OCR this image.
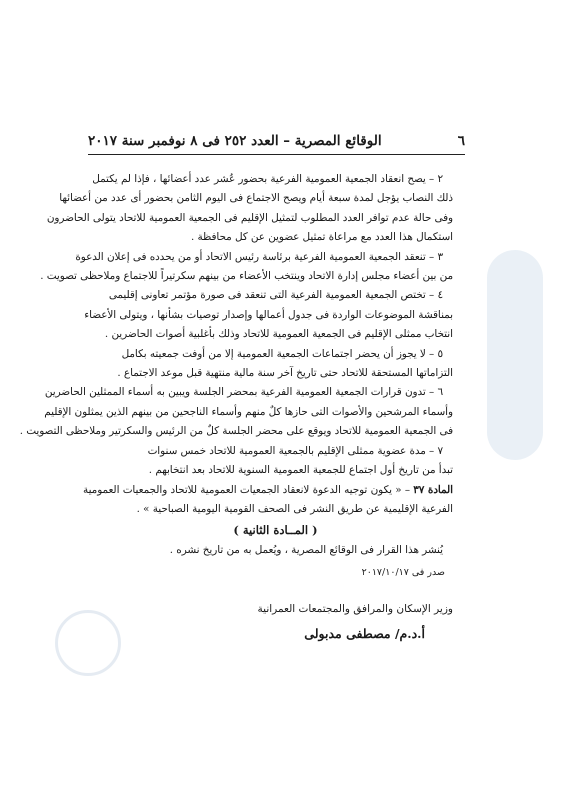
٦
الوقائع المصرية – العدد ٢٥٢ فى ٨ نوفمبر سنة ٢٠١٧
٢ – يصح انعقاد الجمعية العمومية الفرعية بحضور عُشر عدد أعضائها ، فإذا لم يكتمل
ذلك النصاب يؤجل لمدة سبعة أيام ويصح الاجتماع فى اليوم الثامن بحضور أى عدد من أعضائها
وفى حالة عدم توافر العدد المطلوب لتمثيل الإقليم فى الجمعية العمومية للاتحاد يتولى الحاضرون
استكمال هذا العدد مع مراعاة تمثيل عضوين عن كل محافظة .
٣ – تنعقد الجمعية العمومية الفرعية برئاسة رئيس الاتحاد أو من يحدده فى إعلان الدعوة
من بين أعضاء مجلس إدارة الاتحاد وينتخب الأعضاء من بينهم سكرتيراً للاجتماع وملاحظى تصويت .
٤ – تختص الجمعية العمومية الفرعية التى تنعقد فى صورة مؤتمر تعاونى إقليمى
بمناقشة الموضوعات الواردة فى جدول أعمالها وإصدار توصيات بشأنها ، ويتولى الأعضاء
انتخاب ممثلى الإقليم فى الجمعية العمومية للاتحاد وذلك بأغلبية أصوات الحاضرين .
٥ – لا يجوز أن يحضر اجتماعات الجمعية العمومية إلا من أوفت جمعيته بكامل
التزاماتها المستحقة للاتحاد حتى تاريخ آخر سنة مالية منتهية قبل موعد الاجتماع .
٦ – تدون قرارات الجمعية العمومية الفرعية بمحضر الجلسة ويبين به أسماء الممثلين الحاضرين
وأسماء المرشحين والأصوات التى حازها كلٌ منهم وأسماء الناجحين من بينهم الذين يمثلون الإقليم
فى الجمعية العمومية للاتحاد ويوقع على محضر الجلسة كلٌ من الرئيس والسكرتير وملاحظى التصويت .
٧ – مدة عضوية ممثلى الإقليم بالجمعية العمومية للاتحاد خمس سنوات
تبدأ من تاريخ أول اجتماع للجمعية العمومية السنوية للاتحاد بعد انتخابهم .
المادة ٣٧ – « يكون توجيه الدعوة لانعقاد الجمعيات العمومية للاتحاد والجمعيات العمومية
الفرعية الإقليمية عن طريق النشر فى الصحف القومية اليومية الصباحية » .
( المــادة الثانية )
يُنشر هذا القرار فى الوقائع المصرية ، ويُعمل به من تاريخ نشره .
صدر فى ٢٠١٧/١٠/١٧
وزير الإسكان والمرافق والمجتمعات العمرانية
أ.د.م/ مصطفى مدبولى
